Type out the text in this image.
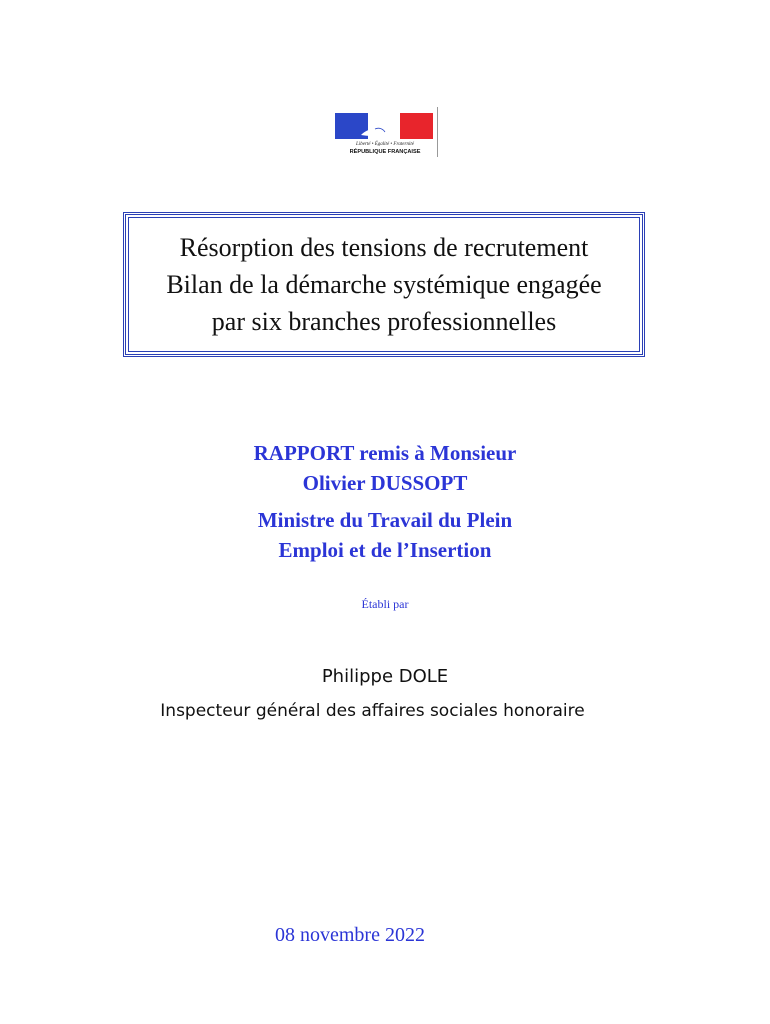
Liberté • Égalité • Fraternité
RÉPUBLIQUE FRANÇAISE
Résorption des tensions de recrutement
Bilan de la démarche systémique engagée
par six branches professionnelles
RAPPORT remis à Monsieur
Olivier DUSSOPT
Ministre du Travail du Plein
Emploi et de l’Insertion
Établi par
Philippe DOLE
Inspecteur général des affaires sociales honoraire
08 novembre 2022
